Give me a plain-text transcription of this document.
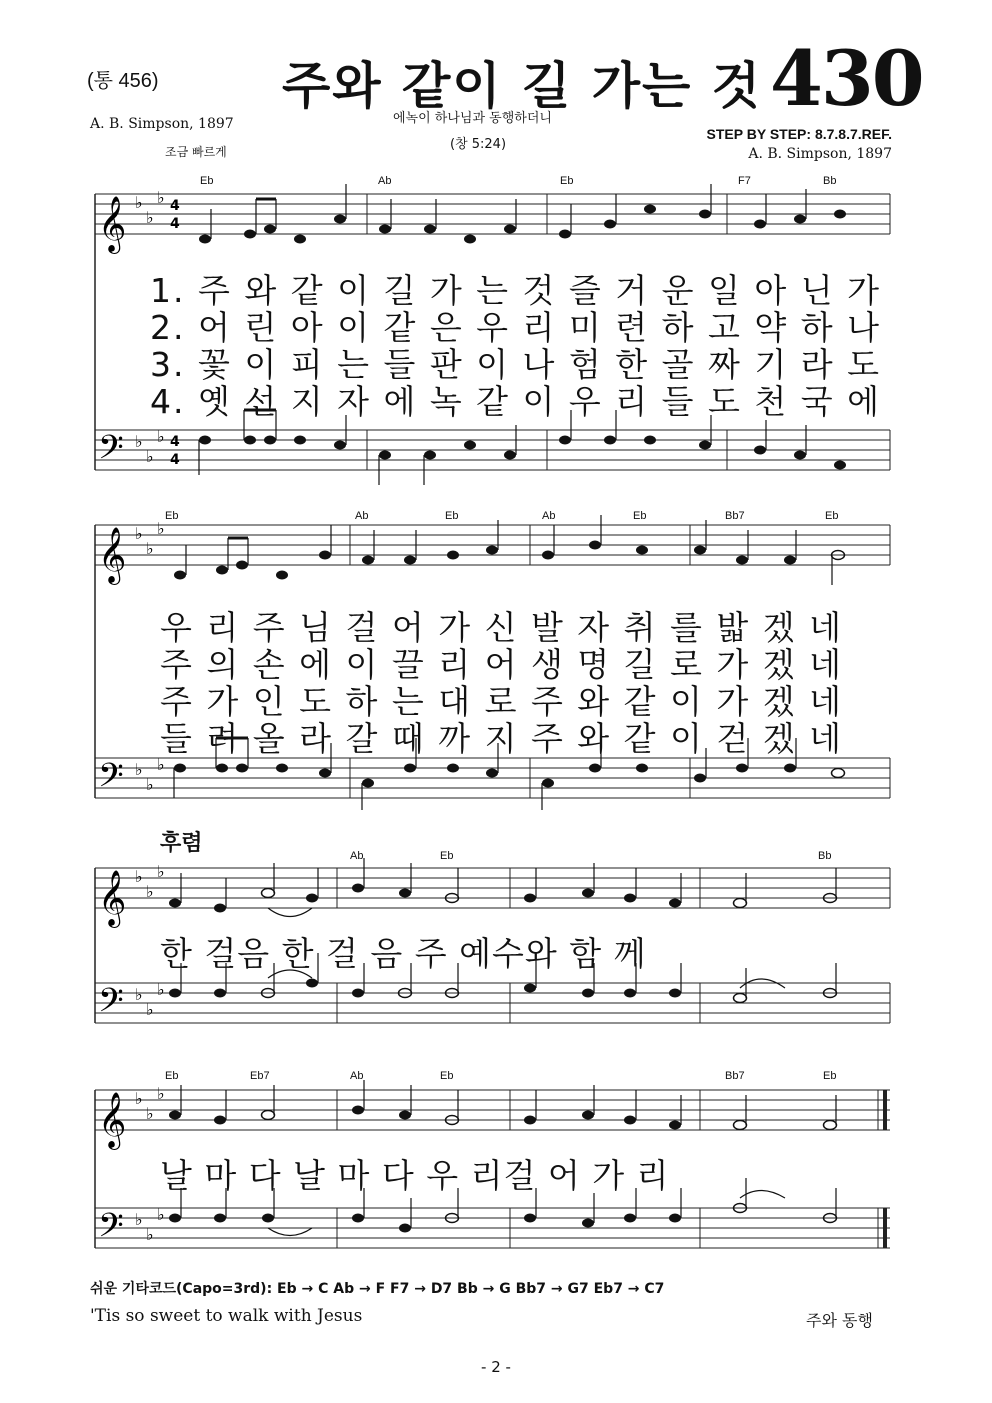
(통 456) 주와 같이 길 가는 것 430
A. B. Simpson, 1897
조금 빠르게
에녹이 하나님과 동행하더니
(창 5:24)
STEP BY STEP: 8.7.8.7.REF.
A. B. Simpson, 1897
𝄞
𝄢
♭
♭
♭
♭
♭
♭
4
4
4
4
Eb	Ab	Eb	F7	Bb
1. 주 와 같 이 길 가 는 것 즐 거 운 일 아 닌 가
2. 어 린 아 이 같 은 우 리 미 련 하 고 약 하 나
3. 꽃 이 피 는 들 판 이 나 험 한 골 짜 기 라 도
4. 옛 선 지 자 에 녹 같 이 우 리 들 도 천 국 에
𝄞
𝄢
♭
♭
♭
♭
♭
♭
Eb	Ab	Eb	Ab	Eb	Bb7	Eb
우 리 주 님 걸 어 가 신 발 자 취 를 밟 겠 네
주 의 손 에 이 끌 리 어 생 명 길 로 가 겠 네
주 가 인 도 하 는 대 로 주 와 같 이 가 겠 네
들 려 올 라 갈 때 까 지 주 와 같 이 걷 겠 네
후렴
𝄞
𝄢
♭
♭
♭
♭
♭
♭
Ab	Eb	Bb
한 걸음 한 걸 음 주 예수와 함 께
𝄞
𝄢
♭
♭
♭
♭
♭
♭
Eb	Eb7	Ab	Eb	Bb7	Eb
날 마 다 날 마 다 우 리걸 어 가 리
쉬운 기타코드(Capo=3rd): Eb → C Ab → F F7 → D7 Bb → G Bb7 → G7 Eb7 → C7
'Tis so sweet to walk with Jesus	주와 동행
- 2 -
